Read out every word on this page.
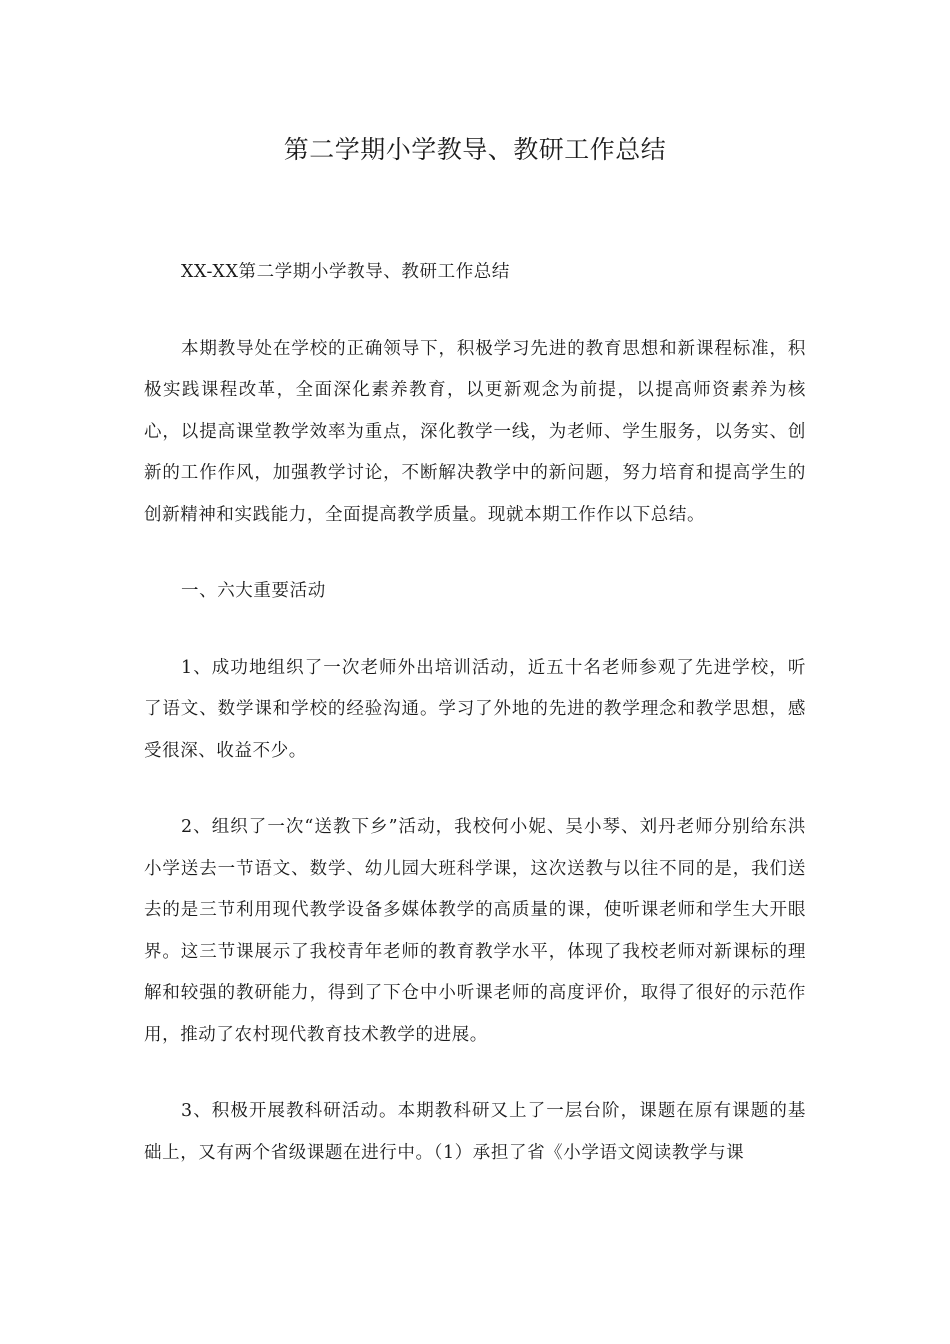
第二学期小学教导、教研工作总结

XX-XX第二学期小学教导、教研工作总结

本期教导处在学校的正确领导下，积极学习先进的教育思想和新课程标准，积极实践课程改革，全面深化素养教育，以更新观念为前提，以提高师资素养为核心，以提高课堂教学效率为重点，深化教学一线，为老师、学生服务，以务实、创新的工作作风，加强教学讨论，不断解决教学中的新问题，努力培育和提高学生的创新精神和实践能力，全面提高教学质量。现就本期工作作以下总结。

一、六大重要活动

1、成功地组织了一次老师外出培训活动，近五十名老师参观了先进学校，听了语文、数学课和学校的经验沟通。学习了外地的先进的教学理念和教学思想，感受很深、收益不少。

2、组织了一次“送教下乡”活动，我校何小妮、吴小琴、刘丹老师分别给东洪小学送去一节语文、数学、幼儿园大班科学课，这次送教与以往不同的是，我们送去的是三节利用现代教学设备多媒体教学的高质量的课，使听课老师和学生大开眼界。这三节课展示了我校青年老师的教育教学水平，体现了我校老师对新课标的理解和较强的教研能力，得到了下仓中小听课老师的高度评价，取得了很好的示范作用，推动了农村现代教育技术教学的进展。

3、积极开展教科研活动。本期教科研又上了一层台阶，课题在原有课题的基础上，又有两个省级课题在进行中。（1）承担了省《小学语文阅读教学与课
